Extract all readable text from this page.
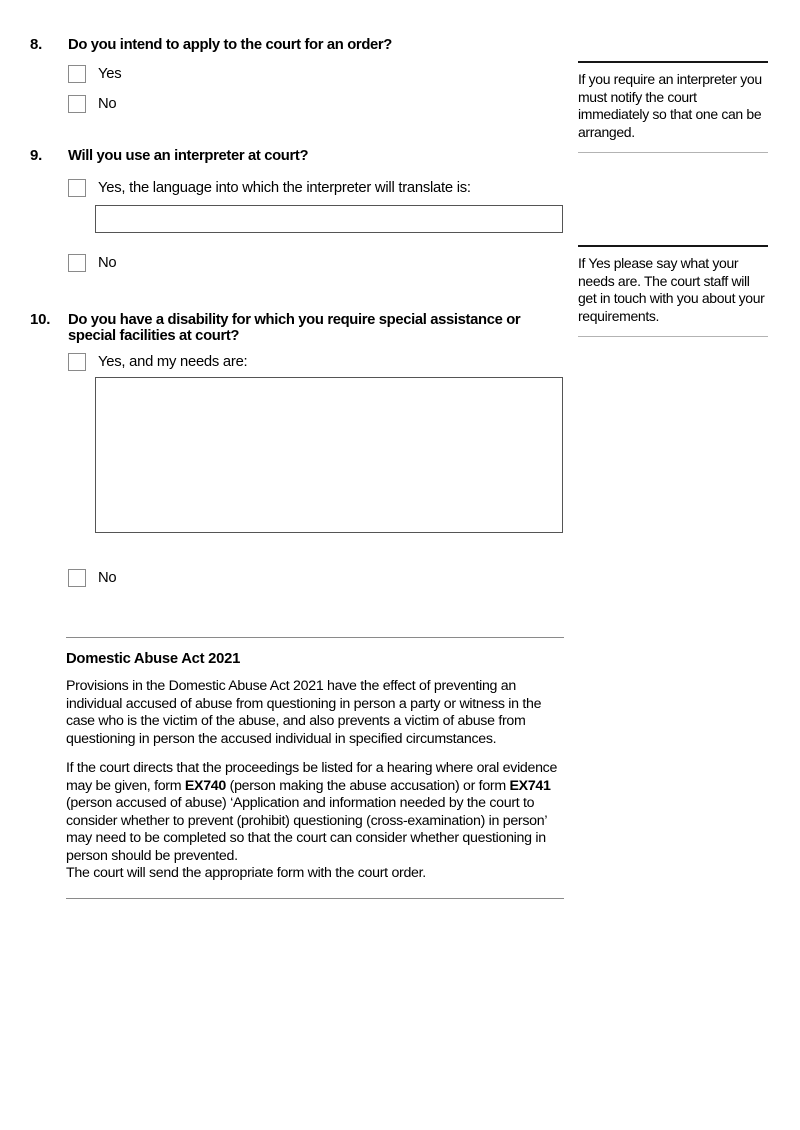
8. Do you intend to apply to the court for an order?
Yes
No
If you require an interpreter you must notify the court immediately so that one can be arranged.
9. Will you use an interpreter at court?
Yes, the language into which the interpreter will translate is:
No	If Yes please say what your needs are. The court staff will get in touch with you about your requirements.
10. Do you have a disability for which you require special assistance or special facilities at court?
Yes, and my needs are:
No
Domestic Abuse Act 2021

Provisions in the Domestic Abuse Act 2021 have the effect of preventing an individual accused of abuse from questioning in person a party or witness in the case who is the victim of the abuse, and also prevents a victim of abuse from questioning in person the accused individual in specified circumstances.

If the court directs that the proceedings be listed for a hearing where oral evidence may be given, form EX740 (person making the abuse accusation) or form EX741 (person accused of abuse) ‘Application and information needed by the court to consider whether to prevent (prohibit) questioning (cross-examination) in person’ may need to be completed so that the court can consider whether questioning in person should be prevented.
The court will send the appropriate form with the court order.
